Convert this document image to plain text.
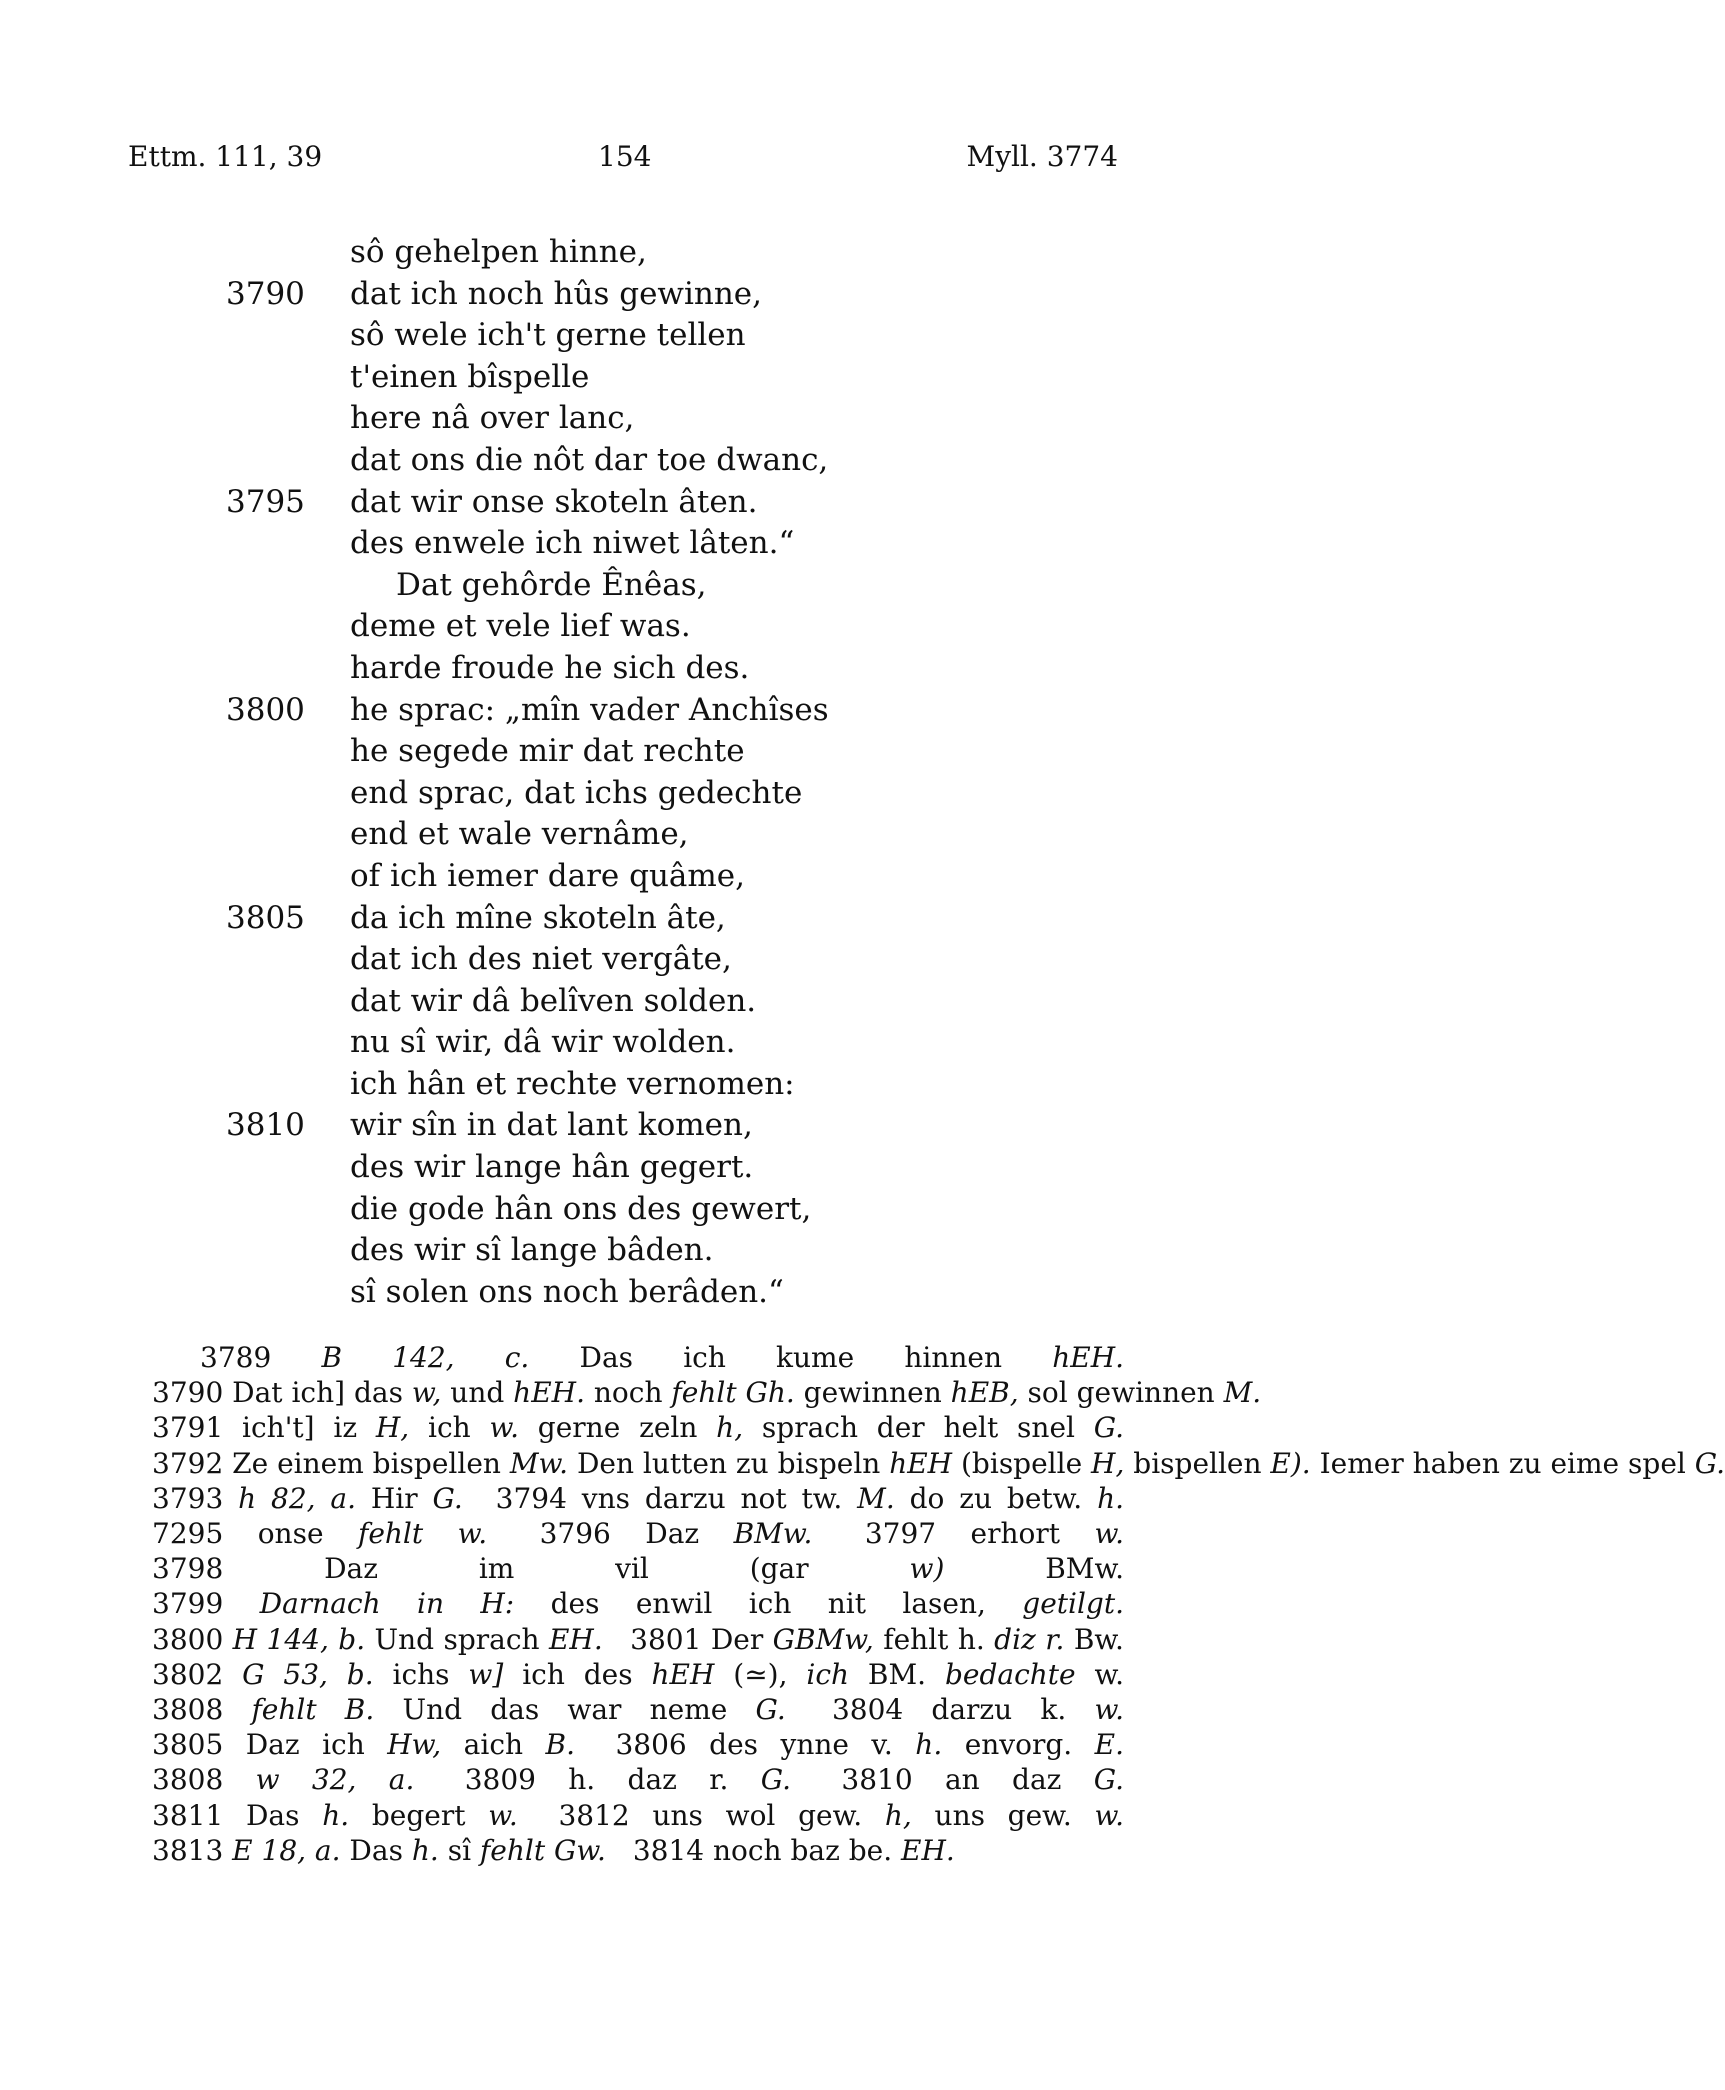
Ettm. 111, 39	154	Myll. 3774
sô gehelpen hinne,
3790	dat ich noch hûs gewinne,
sô wele ich't gerne tellen
t'einen bîspelle
here nâ over lanc,
dat ons die nôt dar toe dwanc,
3795	dat wir onse skoteln âten.
des enwele ich niwet lâten.“
Dat gehôrde Ênêas,
deme et vele lief was.
harde froude he sich des.
3800	he sprac: „mîn vader Anchîses
he segede mir dat rechte
end sprac, dat ichs gedechte
end et wale vernâme,
of ich iemer dare quâme,
3805	da ich mîne skoteln âte,
dat ich des niet vergâte,
dat wir dâ belîven solden.
nu sî wir, dâ wir wolden.
ich hân et rechte vernomen:
3810	wir sîn in dat lant komen,
des wir lange hân gegert.
die gode hân ons des gewert,
des wir sî lange bâden.
sî solen ons noch berâden.“

3789 B 142, c. Das ich kume hinnen hEH. 3790 Dat ich] das w, und hEH. noch fehlt Gh. gewinnen hEB, sol gewinnen M. 3791 ich't] iz H, ich w. gerne zeln h, sprach der helt snel G. 3792 Ze einem bispellen Mw. Den lutten zu bispeln hEH (bispelle H, bispellen E). Iemer haben zu eime spel G. 3793 h 82, a. Hir G. 3794 vns darzu not tw. M. do zu betw. h. 7295 onse fehlt w. 3796 Daz BMw. 3797 erhort w. 3798 Daz im vil (gar w) BMw. 3799 Darnach in H: des enwil ich nit lasen, getilgt. 3800 H 144, b. Und sprach EH. 3801 Der GBMw, fehlt h. diz r. Bw. 3802 G 53, b. ichs w] ich des hEH (≃), ich BM. bedachte w. 3808 fehlt B. Und das war neme G. 3804 darzu k. w. 3805 Daz ich Hw, aich B. 3806 des ynne v. h. envorg. E. 3808 w 32, a. 3809 h. daz r. G. 3810 an daz G. 3811 Das h. begert w. 3812 uns wol gew. h, uns gew. w. 3813 E 18, a. Das h. sî fehlt Gw. 3814 noch baz be. EH.
